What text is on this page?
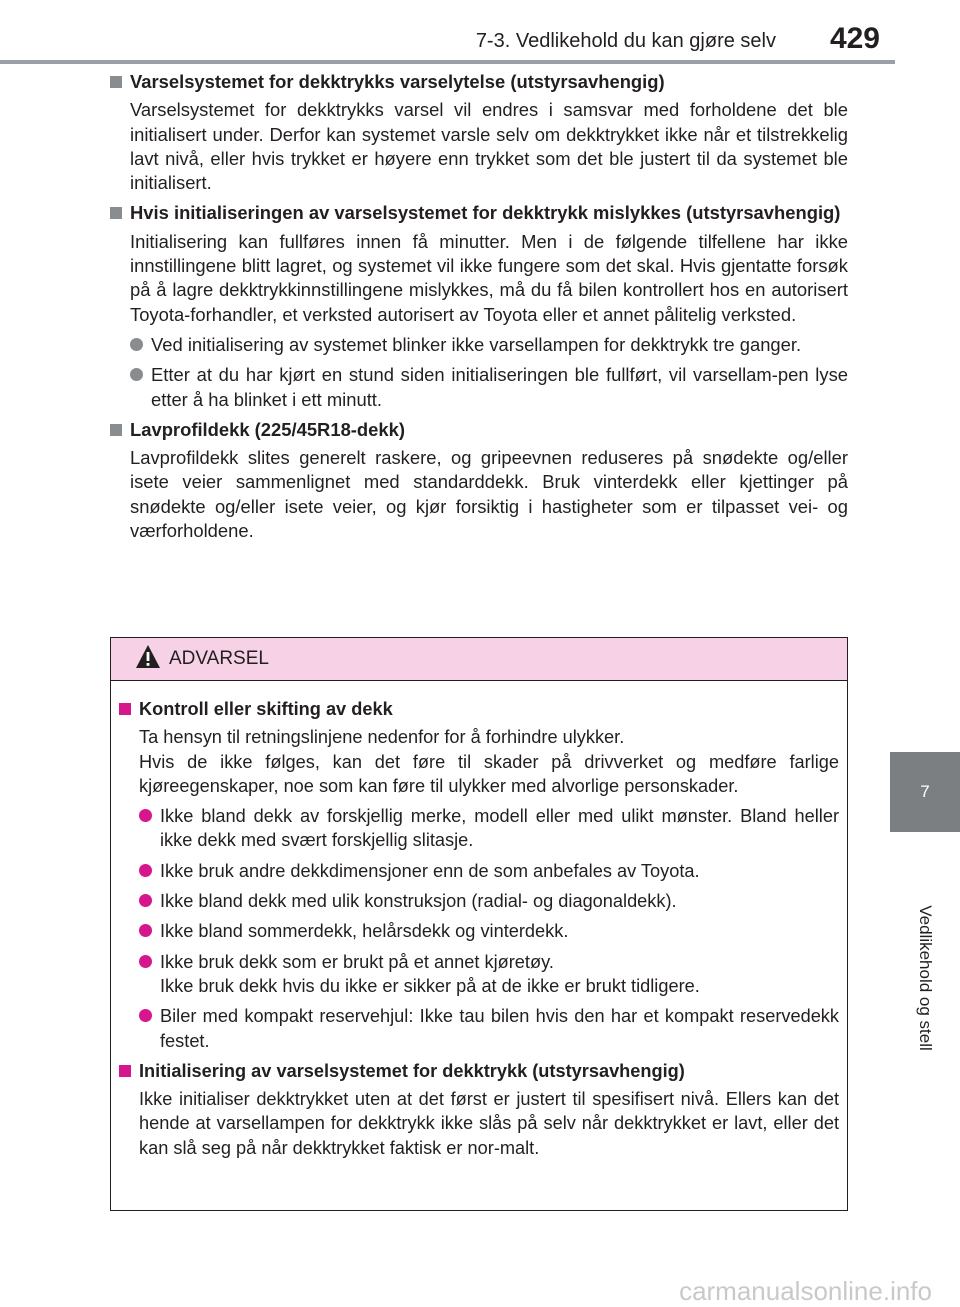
7-3. Vedlikehold du kan gjøre selv 429
7
Vedlikehold og stell
Varselsystemet for dekktrykks varselytelse (utstyrsavhengig)
Varselsystemet for dekktrykks varsel vil endres i samsvar med forholdene det ble initialisert under. Derfor kan systemet varsle selv om dekktrykket ikke når et tilstrekkelig lavt nivå, eller hvis trykket er høyere enn trykket som det ble justert til da systemet ble initialisert.
Hvis initialiseringen av varselsystemet for dekktrykk mislykkes (utstyrsavhengig)
Initialisering kan fullføres innen få minutter. Men i de følgende tilfellene har ikke innstillingene blitt lagret, og systemet vil ikke fungere som det skal. Hvis gjentatte forsøk på å lagre dekktrykkinnstillingene mislykkes, må du få bilen kontrollert hos en autorisert Toyota-forhandler, et verksted autorisert av Toyota eller et annet pålitelig verksted.
Ved initialisering av systemet blinker ikke varsellampen for dekktrykk tre ganger.
Etter at du har kjørt en stund siden initialiseringen ble fullført, vil varsellam-pen lyse etter å ha blinket i ett minutt.
Lavprofildekk (225/45R18-dekk)
Lavprofildekk slites generelt raskere, og gripeevnen reduseres på snødekte og/eller isete veier sammenlignet med standarddekk. Bruk vinterdekk eller kjettinger på snødekte og/eller isete veier, og kjør forsiktig i hastigheter som er tilpasset vei- og værforholdene.
ADVARSEL
Kontroll eller skifting av dekk
Ta hensyn til retningslinjene nedenfor for å forhindre ulykker.
Hvis de ikke følges, kan det føre til skader på drivverket og medføre farlige kjøreegenskaper, noe som kan føre til ulykker med alvorlige personskader.
Ikke bland dekk av forskjellig merke, modell eller med ulikt mønster. Bland heller ikke dekk med svært forskjellig slitasje.
Ikke bruk andre dekkdimensjoner enn de som anbefales av Toyota.
Ikke bland dekk med ulik konstruksjon (radial- og diagonaldekk).
Ikke bland sommerdekk, helårsdekk og vinterdekk.
Ikke bruk dekk som er brukt på et annet kjøretøy.
Ikke bruk dekk hvis du ikke er sikker på at de ikke er brukt tidligere.
Biler med kompakt reservehjul: Ikke tau bilen hvis den har et kompakt reservedekk festet.
Initialisering av varselsystemet for dekktrykk (utstyrsavhengig)
Ikke initialiser dekktrykket uten at det først er justert til spesifisert nivå. Ellers kan det hende at varsellampen for dekktrykk ikke slås på selv når dekktrykket er lavt, eller det kan slå seg på når dekktrykket faktisk er nor-malt.
carmanualsonline.info
